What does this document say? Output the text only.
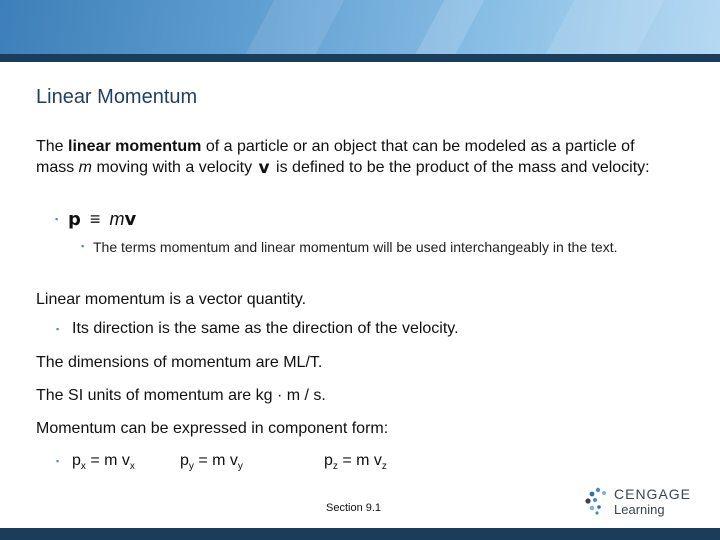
Linear Momentum
The linear momentum of a particle or an object that can be modeled as a particle of mass m moving with a velocity v is defined to be the product of the mass and velocity:
▪ p ≡ mv
▪ The terms momentum and linear momentum will be used interchangeably in the text.
Linear momentum is a vector quantity.
▪ Its direction is the same as the direction of the velocity.
The dimensions of momentum are ML/T.
The SI units of momentum are kg · m / s.
Momentum can be expressed in component form:
▪ $p_x = m$ $v_x$	$p_y = m$ $v_y$	$p_z = m$ $v_z$
Section 9.1
CENGAGE
Learning
